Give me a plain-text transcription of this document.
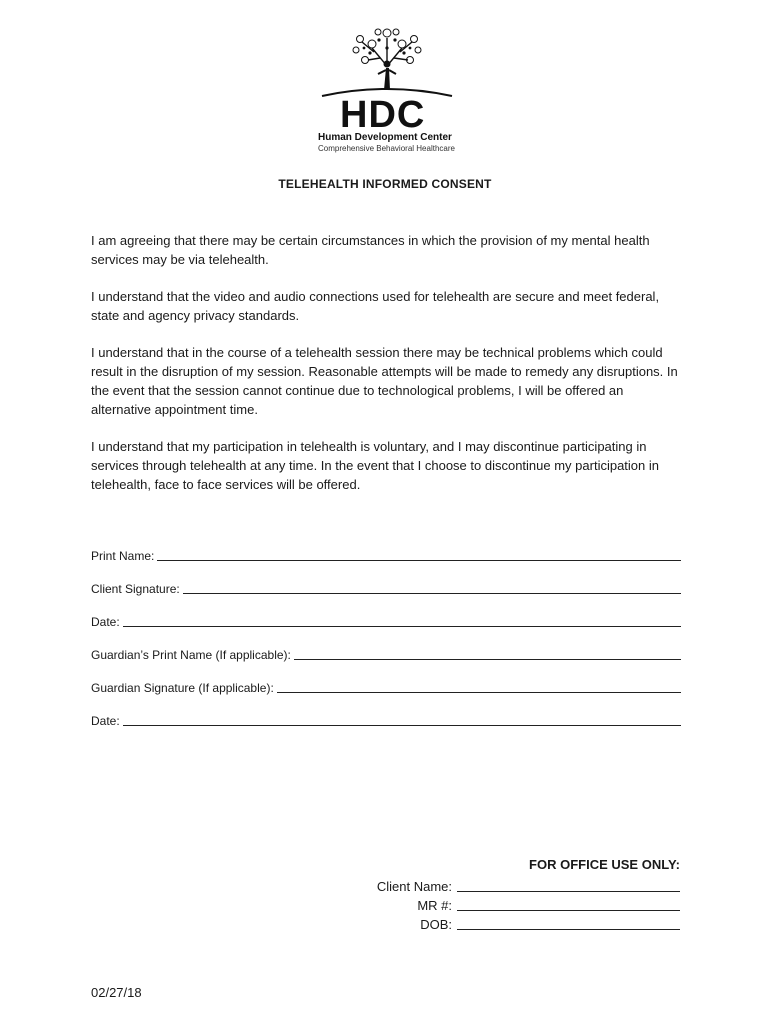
HDC
Human Development Center
Comprehensive Behavioral Healthcare
TELEHEALTH INFORMED CONSENT

I am agreeing that there may be certain circumstances in which the provision of my mental health services may be via telehealth.

I understand that the video and audio connections used for telehealth are secure and meet federal, state and agency privacy standards.

I understand that in the course of a telehealth session there may be technical problems which could result in the disruption of my session. Reasonable attempts will be made to remedy any disruptions. In the event that the session cannot continue due to technological problems, I will be offered an alternative appointment time.

I understand that my participation in telehealth is voluntary, and I may discontinue participating in services through telehealth at any time. In the event that I choose to discontinue my participation in telehealth, face to face services will be offered.

Print Name:
Client Signature:
Date:
Guardian’s Print Name (If applicable):
Guardian Signature (If applicable):
Date:
FOR OFFICE USE ONLY:
Client Name:
MR #:
DOB:
02/27/18
